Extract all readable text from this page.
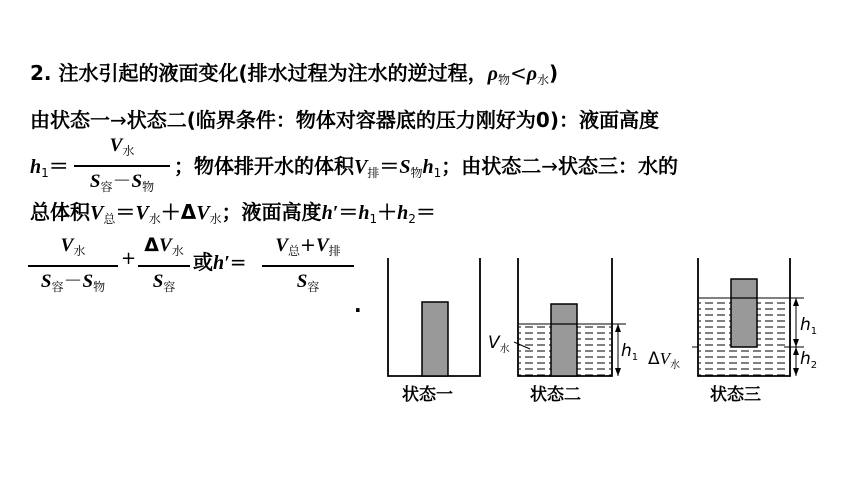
2. 注水引起的液面变化(排水过程为注水的逆过程，$\rho_物<\rho_水$)
由状态一→状态二(临界条件：物体对容器底的压力刚好为0)：液面高度
$h_1=$
$V_水$
$S_容-S_物$
；物体排开水的体积$V_排=S_物h_1$；由状态二→状态三：水的
总体积$V_总=V_水+\Delta V_水$；液面高度$h'=h_1+h_2=$
$V_水$
$S_容-S_物$
+
$\Delta V_水$
$S_容$
或h′=
$V_总+V_排$
$S_容$
.
状态一
$V_水$	$h_1$
状态二
$\Delta V_水$
$h_1$
$h_2$
状态三
